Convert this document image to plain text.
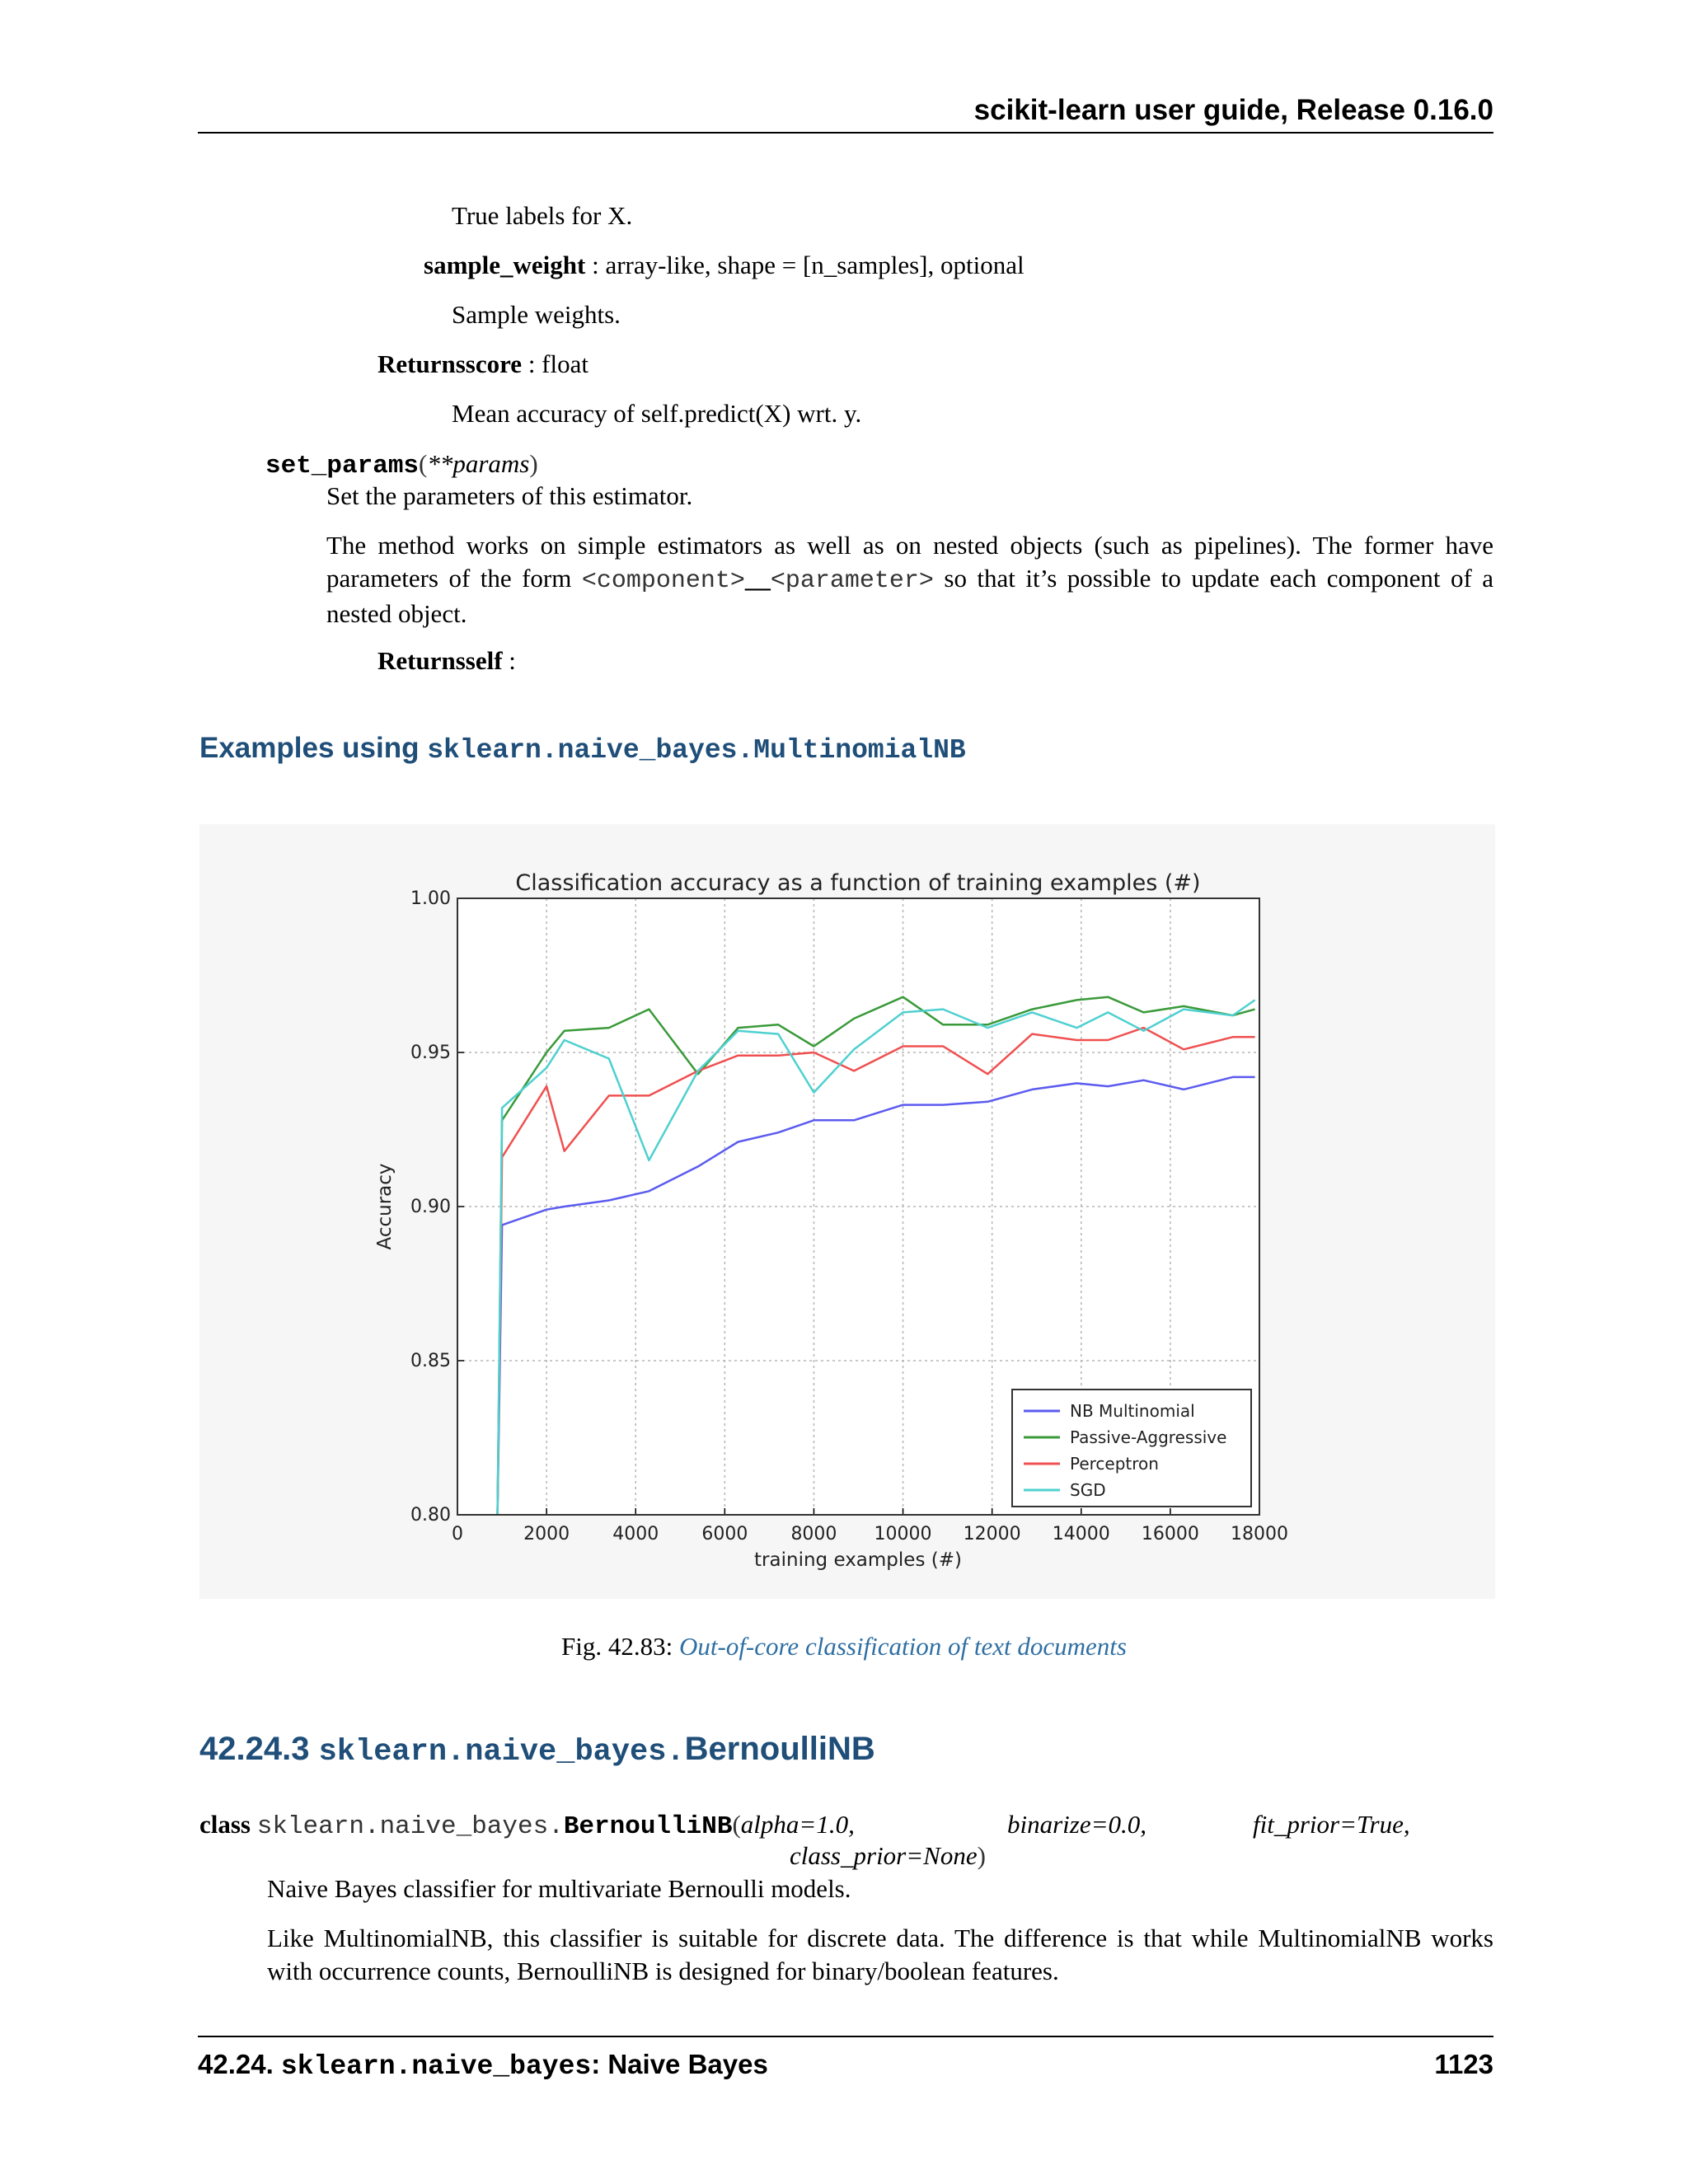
scikit-learn user guide, Release 0.16.0
True labels for X.
sample_weight : array-like, shape = [n_samples], optional
Sample weights.
Returnsscore : float
Mean accuracy of self.predict(X) wrt. y.
set_params(**params)
Set the parameters of this estimator.
The method works on simple estimators as well as on nested objects (such as pipelines). The former have parameters of the form <component>__<parameter> so that it’s possible to update each component of a nested object.
Returnsself :
Examples using sklearn.naive_bayes.MultinomialNB
0	2000 4000 6000 8000 10000 12000 14000 16000 18000
0.80
0.85
0.90
0.95
1.00
Classification accuracy as a function of training examples (#)
training examples (#)
Accuracy
NB Multinomial
Passive-Aggressive
Perceptron
SGD
Fig. 42.83: Out-of-core classification of text documents
42.24.3 sklearn.naive_bayes.BernoulliNB
class sklearn.naive_bayes.BernoulliNB(alpha=1.0,	binarize=0.0,	fit_prior=True,
class_prior=None)
Naive Bayes classifier for multivariate Bernoulli models.
Like MultinomialNB, this classifier is suitable for discrete data. The difference is that while MultinomialNB works with occurrence counts, BernoulliNB is designed for binary/boolean features.
42.24. sklearn.naive_bayes: Naive Bayes	1123
